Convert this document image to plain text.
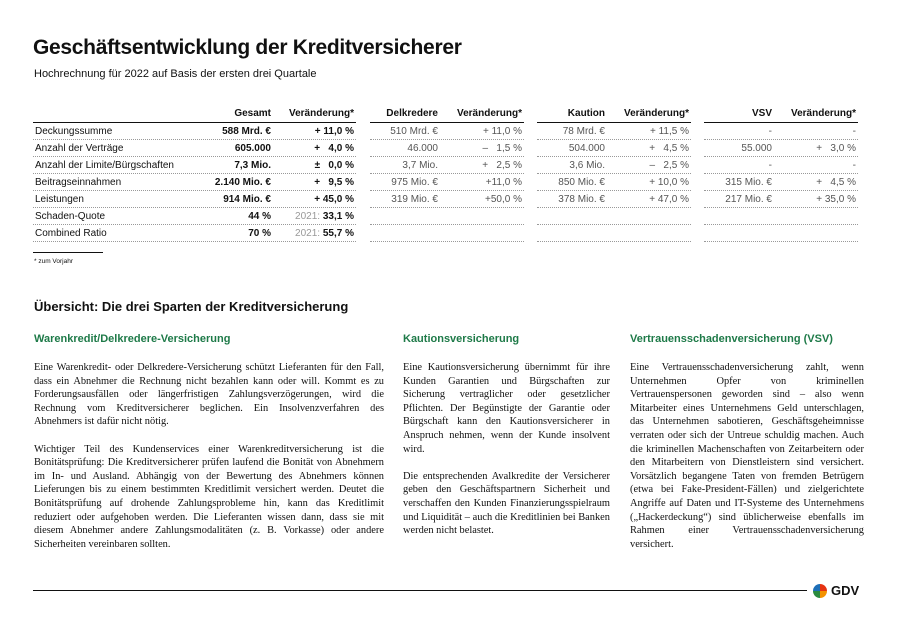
Geschäftsentwicklung der Kreditversicherer
Hochrechnung für 2022 auf Basis der ersten drei Quartale
Gesamt	Veränderung*
Deckungssumme	588 Mrd. €	+ 11,0 %
Anzahl der Verträge	605.000	+   4,0 %
Anzahl der Limite/Bürgschaften	7,3 Mio.	±   0,0 %
Beitragseinnahmen	2.140 Mio. €	+   9,5 %
Leistungen	914 Mio. €	+ 45,0 %
Schaden-Quote	44 %	2021: 33,1 %
Combined Ratio	70 %	2021: 55,7 %
Delkredere	Veränderung*
510 Mrd. €	+ 11,0 %
46.000	–   1,5 %
3,7 Mio.	+   2,5 %
975 Mio. €	+11,0 %
319 Mio. €	+50,0 %
Kaution	Veränderung*
78 Mrd. €	+ 11,5 %
504.000	+   4,5 %
3,6 Mio.	–   2,5 %
850 Mio. €	+ 10,0 %
378 Mio. €	+ 47,0 %
VSV	Veränderung*
-	-
55.000	+   3,0 %
-	-
315 Mio. €	+   4,5 %
217 Mio. €	+ 35,0 %
* zum Vorjahr
Übersicht: Die drei Sparten der Kreditversicherung
Warenkredit/Delkredere-Versicherung	Kautionsversicherung	Vertrauensschadenversicherung (VSV)

Eine Warenkredit- oder Delkredere-Versicherung schützt Lieferanten für den Fall, dass ein Abnehmer die Rechnung nicht bezahlen kann oder will. Kommt es zu Forderungsausfällen oder längerfristigen Zahlungsverzögerungen, wird die Rechnung vom Kreditversicherer beglichen. Ein Insolvenzverfahren des Abnehmers ist dafür nicht nötig.

Wichtiger Teil des Kundenservices einer Warenkreditversicherung ist die Bonitätsprüfung: Die Kreditversicherer prüfen laufend die Bonität von Abnehmern im In- und Ausland. Abhängig von der Bewertung des Abnehmers können Lieferungen bis zu einem bestimmten Kreditlimit versichert werden. Deutet die Bonitätsprüfung auf drohende Zahlungsprobleme hin, kann das Kreditlimit reduziert oder aufgehoben werden. Die Lieferanten wissen dann, dass sie mit diesem Abnehmer andere Zahlungsmodalitäten (z. B. Vorkasse) oder andere Sicherheiten vereinbaren sollten.

Eine Kautionsversicherung übernimmt für ihre Kunden Garantien und Bürgschaften zur Sicherung vertraglicher oder gesetzlicher Pflichten. Der Begünstigte der Garantie oder Bürgschaft kann den Kautionsversicherer in Anspruch nehmen, wenn der Kunde insolvent wird.

Die entsprechenden Avalkredite der Versicherer geben den Geschäftspartnern Sicherheit und verschaffen den Kunden Finanzierungsspielraum und Liquidität – auch die Kreditlinien bei Banken werden nicht belastet.

Eine Vertrauensschadenversicherung zahlt, wenn Unternehmen Opfer von kriminellen Vertrauenspersonen geworden sind – also wenn Mitarbeiter eines Unternehmens Geld unterschlagen, das Unternehmen sabotieren, Geschäftsgeheimnisse verraten oder sich der Untreue schuldig machen. Auch die kriminellen Machenschaften von Zeitarbeitern oder den Mitarbeitern von Dienstleistern sind versichert. Vorsätzlich begangene Taten von fremden Betrügern (etwa bei Fake-President-Fällen) und zielgerichtete Angriffe auf Daten und IT-Systeme des Unternehmens („Hackerdeckung“) sind üblicherweise ebenfalls im Rahmen einer Vertrauensschadenversicherung versichert.

GDV
